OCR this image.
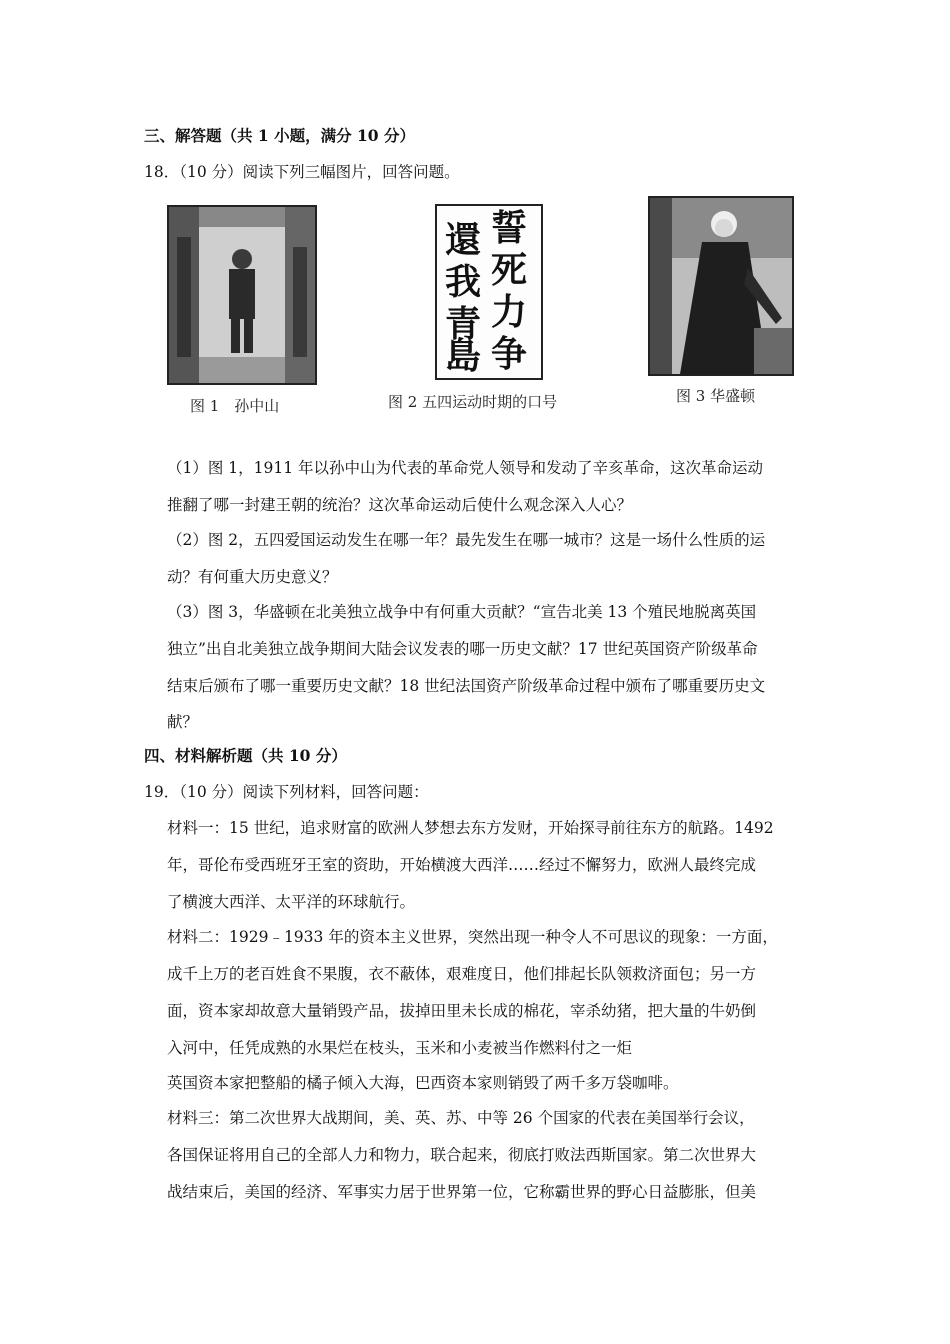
三、解答题（共 1 小题，满分 10 分）
18．（10 分）阅读下列三幅图片，回答问题。
图 1　孙中山
誓
死
力
争
還
我
青
島
图 2 五四运动时期的口号	图 3 华盛顿
（1）图 1，1911 年以孙中山为代表的革命党人领导和发动了辛亥革命，这次革命运动
推翻了哪一封建王朝的统治？这次革命运动后使什么观念深入人心？
（2）图 2，五四爱国运动发生在哪一年？最先发生在哪一城市？这是一场什么性质的运
动？有何重大历史意义？
（3）图 3，华盛顿在北美独立战争中有何重大贡献？“宣告北美 13 个殖民地脱离英国
独立”出自北美独立战争期间大陆会议发表的哪一历史文献？17 世纪英国资产阶级革命
结束后颁布了哪一重要历史文献？18 世纪法国资产阶级革命过程中颁布了哪重要历史文
献？
四、材料解析题（共 10 分）
19．（10 分）阅读下列材料，回答问题：
材料一：15 世纪，追求财富的欧洲人梦想去东方发财，开始探寻前往东方的航路。1492
年，哥伦布受西班牙王室的资助，开始横渡大西洋……经过不懈努力，欧洲人最终完成
了横渡大西洋、太平洋的环球航行。
材料二：1929﹣1933 年的资本主义世界，突然出现一种令人不可思议的现象：一方面，
成千上万的老百姓食不果腹，衣不蔽体，艰难度日，他们排起长队领救济面包；另一方
面，资本家却故意大量销毁产品，拔掉田里未长成的棉花，宰杀幼猪，把大量的牛奶倒
入河中，任凭成熟的水果烂在枝头，玉米和小麦被当作燃料付之一炬
英国资本家把整船的橘子倾入大海，巴西资本家则销毁了两千多万袋咖啡。
材料三：第二次世界大战期间，美、英、苏、中等 26 个国家的代表在美国举行会议，
各国保证将用自己的全部人力和物力，联合起来，彻底打败法西斯国家。第二次世界大
战结束后，美国的经济、军事实力居于世界第一位，它称霸世界的野心日益膨胀，但美
